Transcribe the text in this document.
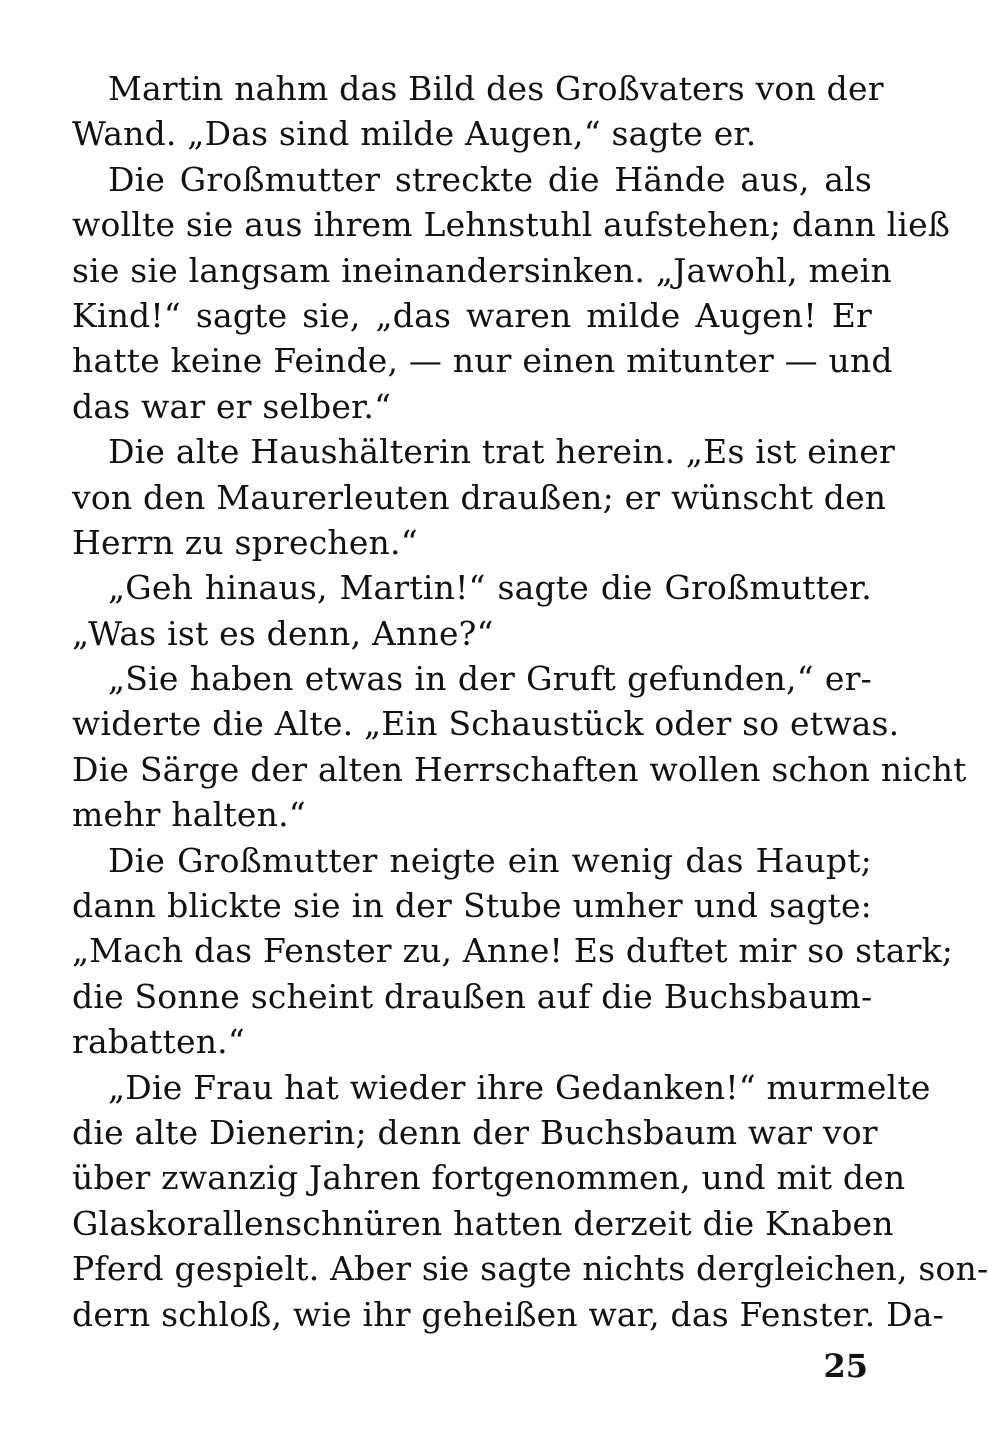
Martin nahm das Bild des Großvaters von der
Wand. „Das sind milde Augen,“ sagte er.
Die Großmutter streckte die Hände aus, als
wollte sie aus ihrem Lehnstuhl aufstehen; dann ließ
sie sie langsam ineinandersinken. „Jawohl, mein
Kind!“ sagte sie, „das waren milde Augen! Er
hatte keine Feinde, — nur einen mitunter — und
das war er selber.“
Die alte Haushälterin trat herein. „Es ist einer
von den Maurerleuten draußen; er wünscht den
Herrn zu sprechen.“
„Geh hinaus, Martin!“ sagte die Großmutter.
„Was ist es denn, Anne?“
„Sie haben etwas in der Gruft gefunden,“ er-
widerte die Alte. „Ein Schaustück oder so etwas.
Die Särge der alten Herrschaften wollen schon nicht
mehr halten.“
Die Großmutter neigte ein wenig das Haupt;
dann blickte sie in der Stube umher und sagte:
„Mach das Fenster zu, Anne! Es duftet mir so stark;
die Sonne scheint draußen auf die Buchsbaum-
rabatten.“
„Die Frau hat wieder ihre Gedanken!“ murmelte
die alte Dienerin; denn der Buchsbaum war vor
über zwanzig Jahren fortgenommen, und mit den
Glaskorallenschnüren hatten derzeit die Knaben
Pferd gespielt. Aber sie sagte nichts dergleichen, son-
dern schloß, wie ihr geheißen war, das Fenster. Da-
25
